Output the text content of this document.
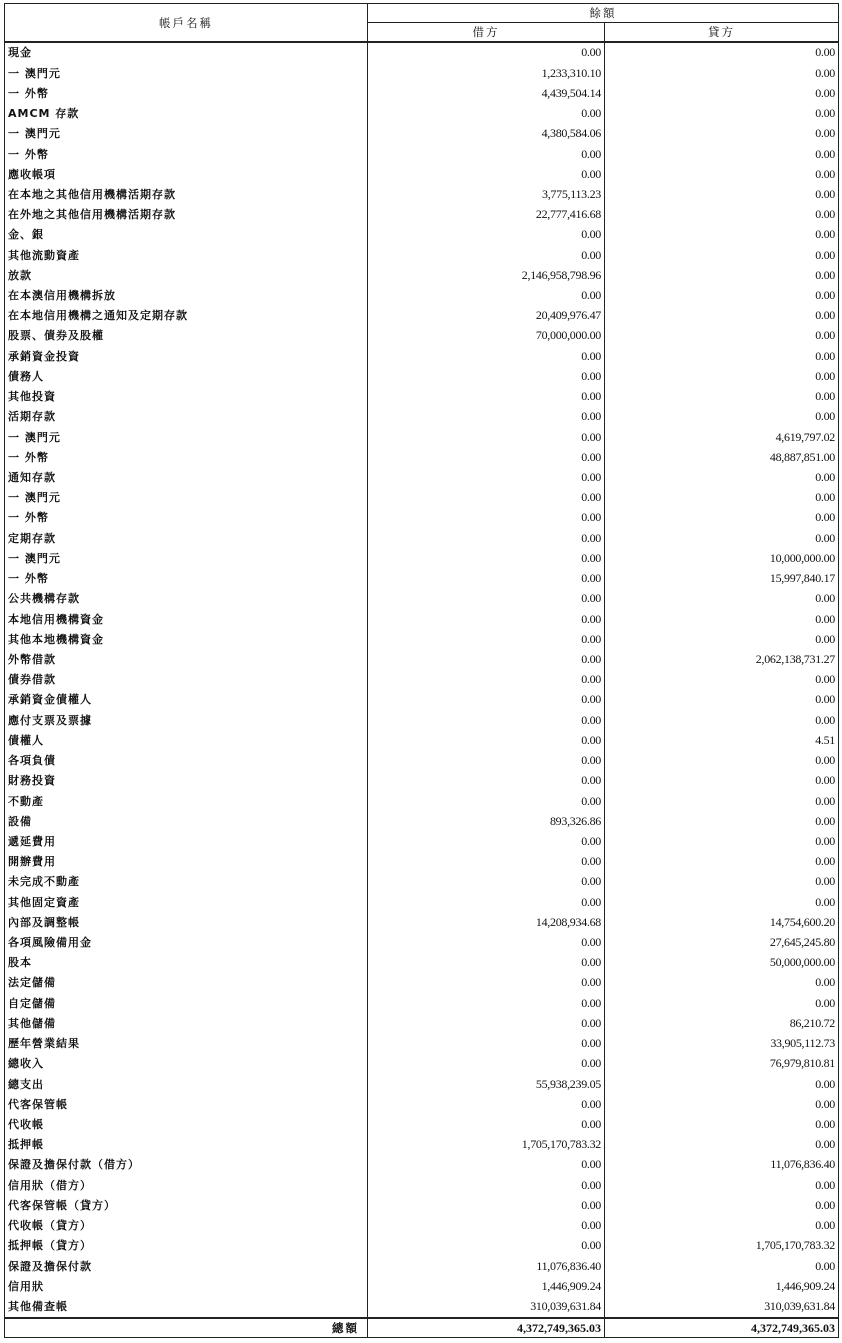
帳戶名稱	餘額	
	借方	貸方
現金	0.00	0.00
一 澳門元	1,233,310.10	0.00
一 外幣	4,439,504.14	0.00
AMCM 存款	0.00	0.00
一 澳門元	4,380,584.06	0.00
一 外幣	0.00	0.00
應收帳項	0.00	0.00
在本地之其他信用機構活期存款	3,775,113.23	0.00
在外地之其他信用機構活期存款	22,777,416.68	0.00
金、銀	0.00	0.00
其他流動資產	0.00	0.00
放款	2,146,958,798.96	0.00
在本澳信用機構拆放	0.00	0.00
在本地信用機構之通知及定期存款	20,409,976.47	0.00
股票、債券及股權	70,000,000.00	0.00
承銷資金投資	0.00	0.00
債務人	0.00	0.00
其他投資	0.00	0.00
活期存款	0.00	0.00
一 澳門元	0.00	4,619,797.02
一 外幣	0.00	48,887,851.00
通知存款	0.00	0.00
一 澳門元	0.00	0.00
一 外幣	0.00	0.00
定期存款	0.00	0.00
一 澳門元	0.00	10,000,000.00
一 外幣	0.00	15,997,840.17
公共機構存款	0.00	0.00
本地信用機構資金	0.00	0.00
其他本地機構資金	0.00	0.00
外幣借款	0.00	2,062,138,731.27
債券借款	0.00	0.00
承銷資金債權人	0.00	0.00
應付支票及票據	0.00	0.00
債權人	0.00	4.51
各項負債	0.00	0.00
財務投資	0.00	0.00
不動產	0.00	0.00
設備	893,326.86	0.00
遞延費用	0.00	0.00
開辦費用	0.00	0.00
未完成不動產	0.00	0.00
其他固定資產	0.00	0.00
內部及調整帳	14,208,934.68	14,754,600.20
各項風險備用金	0.00	27,645,245.80
股本	0.00	50,000,000.00
法定儲備	0.00	0.00
自定儲備	0.00	0.00
其他儲備	0.00	86,210.72
歷年營業結果	0.00	33,905,112.73
總收入	0.00	76,979,810.81
總支出	55,938,239.05	0.00
代客保管帳	0.00	0.00
代收帳	0.00	0.00
抵押帳	1,705,170,783.32	0.00
保證及擔保付款（借方）	0.00	11,076,836.40
信用狀（借方）	0.00	0.00
代客保管帳（貸方）	0.00	0.00
代收帳（貸方）	0.00	0.00
抵押帳（貸方）	0.00	1,705,170,783.32
保證及擔保付款	11,076,836.40	0.00
信用狀	1,446,909.24	1,446,909.24
其他備查帳	310,039,631.84	310,039,631.84
總額	4,372,749,365.03	4,372,749,365.03
